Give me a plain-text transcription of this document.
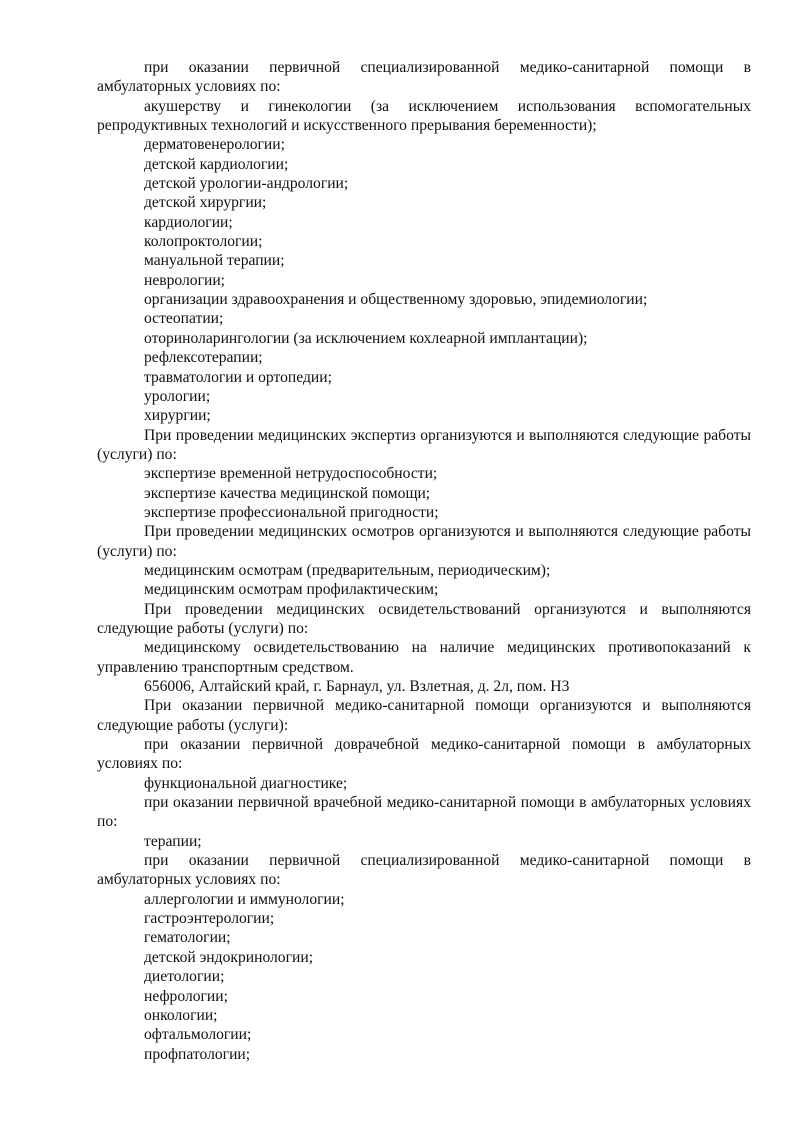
при оказании первичной специализированной медико-санитарной помощи в амбулаторных условиях по:

акушерству и гинекологии (за исключением использования вспомогательных репродуктивных технологий и искусственного прерывания беременности);

дерматовенерологии;

детской кардиологии;

детской урологии-андрологии;

детской хирургии;

кардиологии;

колопроктологии;

мануальной терапии;

неврологии;

организации здравоохранения и общественному здоровью, эпидемиологии;

остеопатии;

оториноларингологии (за исключением кохлеарной имплантации);

рефлексотерапии;

травматологии и ортопедии;

урологии;

хирургии;

При проведении медицинских экспертиз организуются и выполняются следующие работы (услуги) по:

экспертизе временной нетрудоспособности;

экспертизе качества медицинской помощи;

экспертизе профессиональной пригодности;

При проведении медицинских осмотров организуются и выполняются следующие работы (услуги) по:

медицинским осмотрам (предварительным, периодическим);

медицинским осмотрам профилактическим;

При проведении медицинских освидетельствований организуются и выполняются следующие работы (услуги) по:

медицинскому освидетельствованию на наличие медицинских противопоказаний к управлению транспортным средством.

656006, Алтайский край, г. Барнаул, ул. Взлетная, д. 2л, пом. Н3

При оказании первичной медико-санитарной помощи организуются и выполняются следующие работы (услуги):

при оказании первичной доврачебной медико-санитарной помощи в амбулаторных условиях по:

функциональной диагностике;

при оказании первичной врачебной медико-санитарной помощи в амбулаторных условиях по:

терапии;

при оказании первичной специализированной медико-санитарной помощи в амбулаторных условиях по:

аллергологии и иммунологии;

гастроэнтерологии;

гематологии;

детской эндокринологии;

диетологии;

нефрологии;

онкологии;

офтальмологии;

профпатологии;
